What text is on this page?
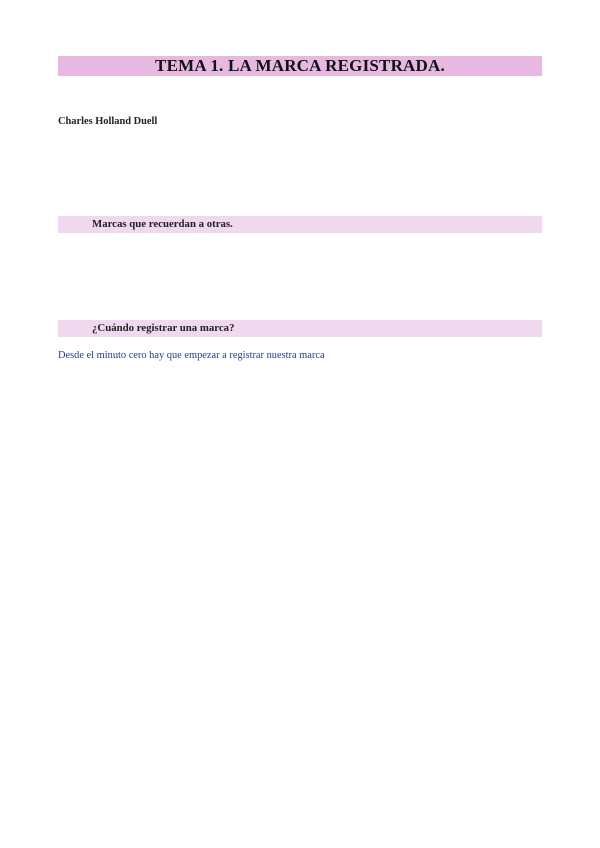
TEMA 1. LA MARCA REGISTRADA.

Charles Holland Duell

Marcas que recuerdan a otras.

¿Cuándo registrar una marca?

Desde el minuto cero hay que empezar a registrar nuestra marca
